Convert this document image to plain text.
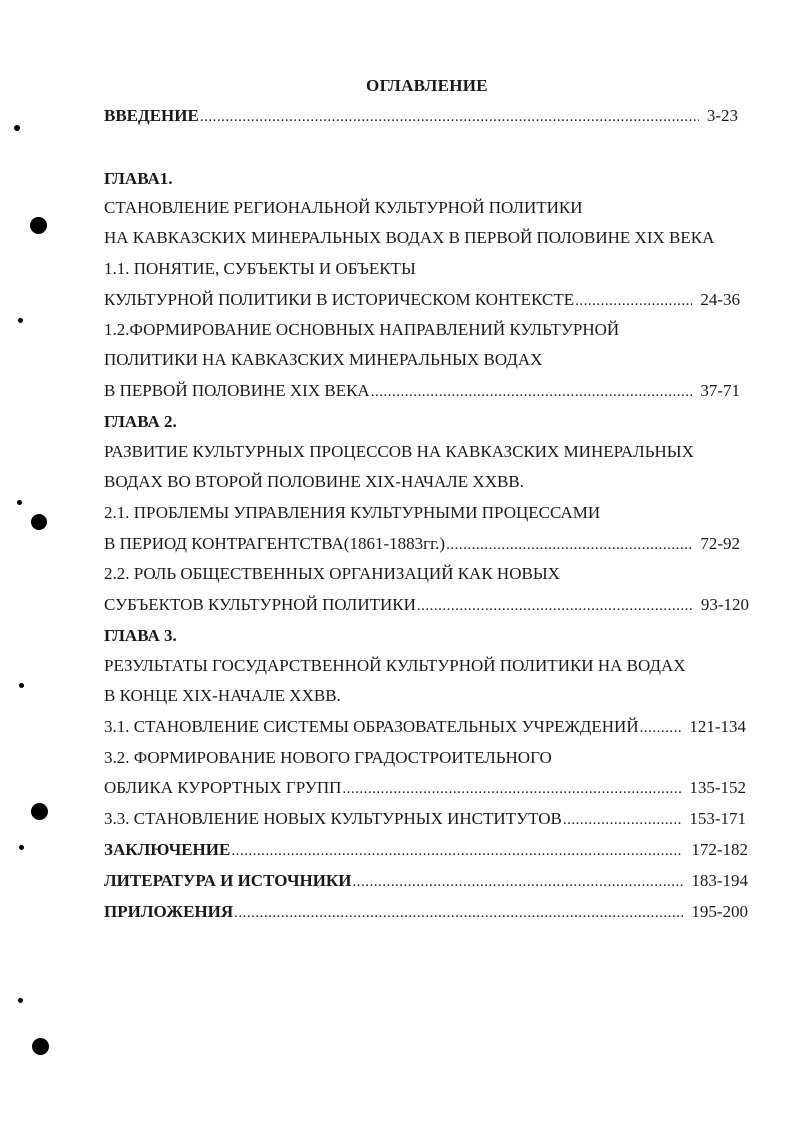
ОГЛАВЛЕНИЕ
ВВЕДЕНИЕ .....	3-23
ГЛАВА1.
СТАНОВЛЕНИЕ РЕГИОНАЛЬНОЙ КУЛЬТУРНОЙ ПОЛИТИКИ
НА КАВКАЗСКИХ МИНЕРАЛЬНЫХ ВОДАХ В ПЕРВОЙ ПОЛОВИНЕ XIX ВЕКА
1.1. ПОНЯТИЕ, СУБЪЕКТЫ И ОБЪЕКТЫ
КУЛЬТУРНОЙ ПОЛИТИКИ В ИСТОРИЧЕСКОМ КОНТЕКСТЕ .....	24-36
1.2.ФОРМИРОВАНИЕ ОСНОВНЫХ НАПРАВЛЕНИЙ КУЛЬТУРНОЙ
ПОЛИТИКИ НА КАВКАЗСКИХ МИНЕРАЛЬНЫХ ВОДАХ
В ПЕРВОЙ ПОЛОВИНЕ XIX ВЕКА .....	37-71
ГЛАВА 2.
РАЗВИТИЕ КУЛЬТУРНЫХ ПРОЦЕССОВ НА КАВКАЗСКИХ МИНЕРАЛЬНЫХ
ВОДАХ ВО ВТОРОЙ ПОЛОВИНЕ XIX-НАЧАЛЕ XXВВ.
2.1. ПРОБЛЕМЫ УПРАВЛЕНИЯ КУЛЬТУРНЫМИ ПРОЦЕССАМИ
В ПЕРИОД КОНТРАГЕНТСТВА(1861-1883гг.) .....	72-92
2.2. РОЛЬ ОБЩЕСТВЕННЫХ ОРГАНИЗАЦИЙ КАК НОВЫХ
СУБЪЕКТОВ КУЛЬТУРНОЙ ПОЛИТИКИ .....	93-120
ГЛАВА 3.
РЕЗУЛЬТАТЫ ГОСУДАРСТВЕННОЙ КУЛЬТУРНОЙ ПОЛИТИКИ НА ВОДАХ
В КОНЦЕ XIX-НАЧАЛЕ XXВВ.
3.1. СТАНОВЛЕНИЕ СИСТЕМЫ ОБРАЗОВАТЕЛЬНЫХ УЧРЕЖДЕНИЙ .....	121-134
3.2. ФОРМИРОВАНИЕ НОВОГО ГРАДОСТРОИТЕЛЬНОГО
ОБЛИКА КУРОРТНЫХ ГРУПП .....	135-152
3.3. СТАНОВЛЕНИЕ НОВЫХ КУЛЬТУРНЫХ ИНСТИТУТОВ .....	153-171
ЗАКЛЮЧЕНИЕ .....	172-182
ЛИТЕРАТУРА И ИСТОЧНИКИ .....	183-194
ПРИЛОЖЕНИЯ .....	195-200
